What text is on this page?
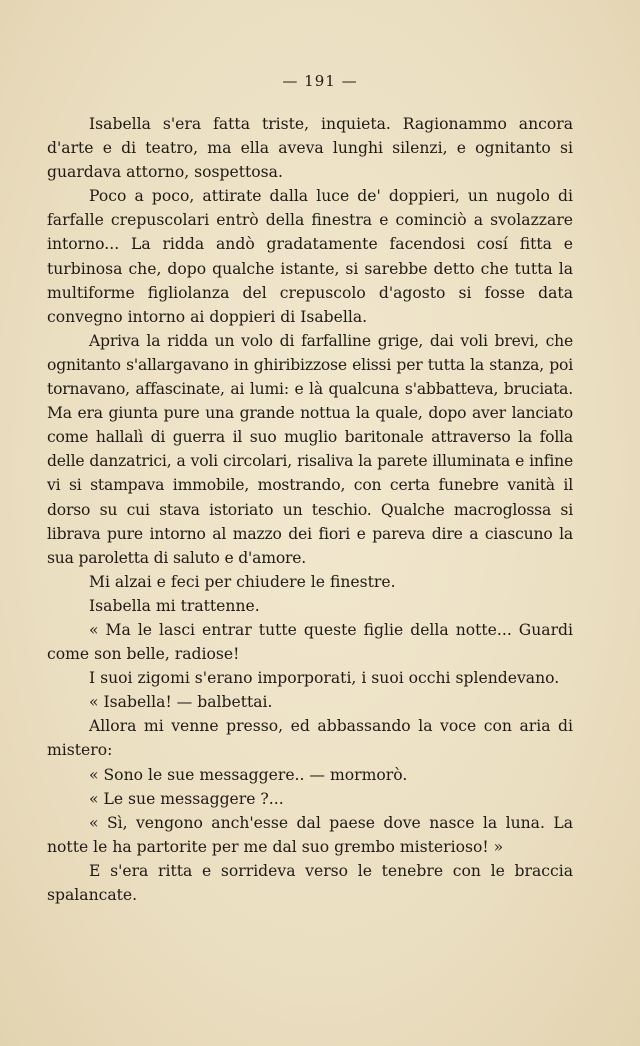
— 191 —

Isabella s'era fatta triste, inquieta. Ragionammo ancora d'arte e di teatro, ma ella aveva lunghi silenzi, e ognitanto si guardava attorno, sospettosa.

Poco a poco, attirate dalla luce de' doppieri, un nugolo di farfalle crepuscolari entrò della finestra e cominciò a svolazzare intorno... La ridda andò gradatamente facendosi cosí fitta e turbinosa che, dopo qualche istante, si sarebbe detto che tutta la multiforme figliolanza del crepuscolo d'agosto si fosse data convegno intorno ai doppieri di Isabella.

Apriva la ridda un volo di farfalline grige, dai voli brevi, che ognitanto s'allargavano in ghiribizzose elissi per tutta la stanza, poi tornavano, affascinate, ai lumi: e là qualcuna s'abbatteva, bruciata. Ma era giunta pure una grande nottua la quale, dopo aver lanciato come hallalì di guerra il suo muglio baritonale attraverso la folla delle danzatrici, a voli circolari, risaliva la parete illuminata e infine vi si stampava immobile, mostrando, con certa funebre vanità il dorso su cui stava istoriato un teschio. Qualche macroglossa si librava pure intorno al mazzo dei fiori e pareva dire a ciascuno la sua paroletta di saluto e d'amore.

Mi alzai e feci per chiudere le finestre.

Isabella mi trattenne.

« Ma le lasci entrar tutte queste figlie della notte... Guardi come son belle, radiose!

I suoi zigomi s'erano imporporati, i suoi occhi splendevano.

« Isabella! — balbettai.

Allora mi venne presso, ed abbassando la voce con aria di mistero:

« Sono le sue messaggere.. — mormorò.

« Le sue messaggere ?...

« Sì, vengono anch'esse dal paese dove nasce la luna. La notte le ha partorite per me dal suo grembo misterioso! »

E s'era ritta e sorrideva verso le tenebre con le braccia spalancate.
